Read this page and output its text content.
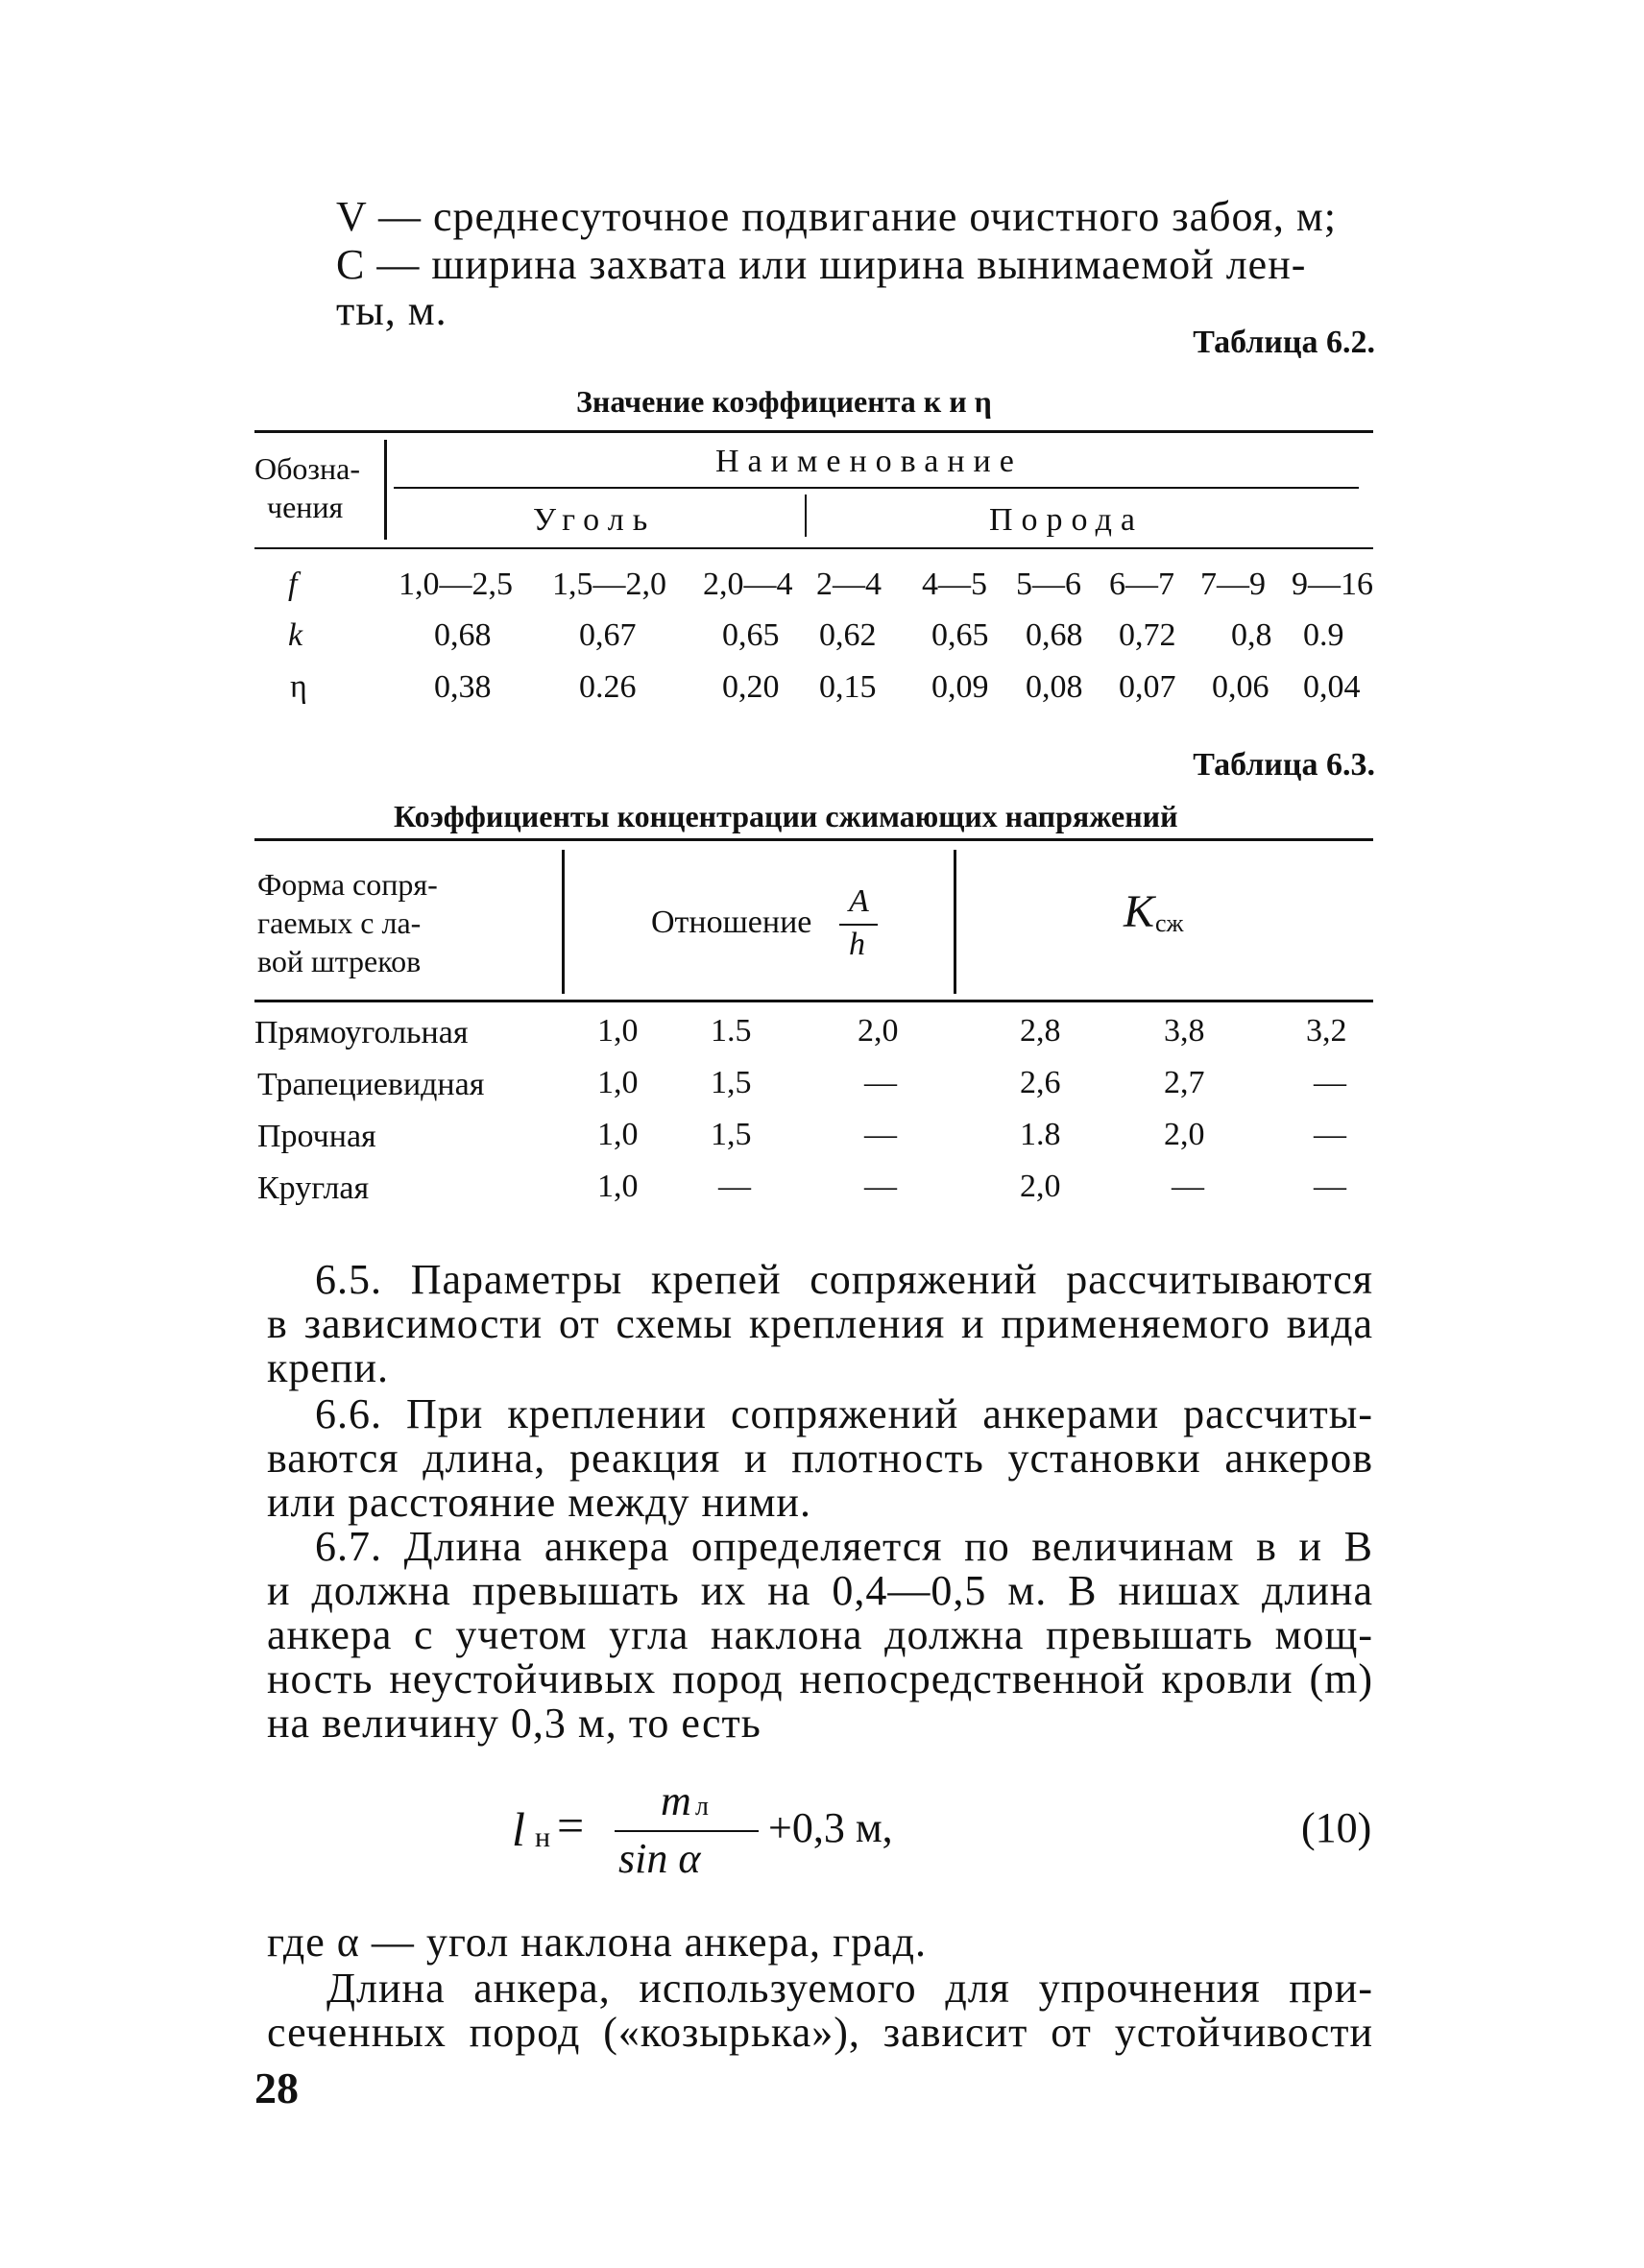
V — среднесуточное подвигание очистного забоя, м;
C — ширина захвата или ширина вынимаемой лен-
ты, м.
Таблица 6.2.
Значение коэффициента к и η
Обозна-
чения
Наименование
Уголь	Порода
f	1,0—2,5 1,5—2,0 2,0—4 2—4 4—5 5—6 6—7 7—9 9—16
k	0,68	0,67	0,65 0,62 0,65 0,68 0,72 0,8 0.9
η	0,38	0.26	0,20 0,15 0,09 0,08 0,07 0,06 0,04
Таблица 6.3.
Коэффициенты концентрации сжимающих напряжений
Форма сопря-
гаемых с ла-
вой штреков
Отношение
A
h
K сж
Прямоугольная	1,0 1.5	2,0	2,8	3,8	3,2
Трапециевидная	1,0 1,5	—	2,6	2,7	—
Прочная	1,0 1,5	—	1.8	2,0	—
Круглая	1,0 —	—	2,0	—	—
6.5. Параметры крепей сопряжений рассчитываются
в зависимости от схемы крепления и применяемого вида
крепи.
6.6. При креплении сопряжений анкерами рассчиты-
ваются длина, реакция и плотность установки анкеров
или расстояние между ними.
6.7. Длина анкера определяется по величинам в и B
и должна превышать их на 0,4—0,5 м. В нишах длина
анкера с учетом угла наклона должна превышать мощ-
ность неустойчивых пород непосредственной кровли (m)
на величину 0,3 м, то есть
l н = m л
sin α
+0,3 м,	(10)
где α — угол наклона анкера, град.
Длина анкера, используемого для упрочнения при-
сеченных пород («козырька»), зависит от устойчивости
28
